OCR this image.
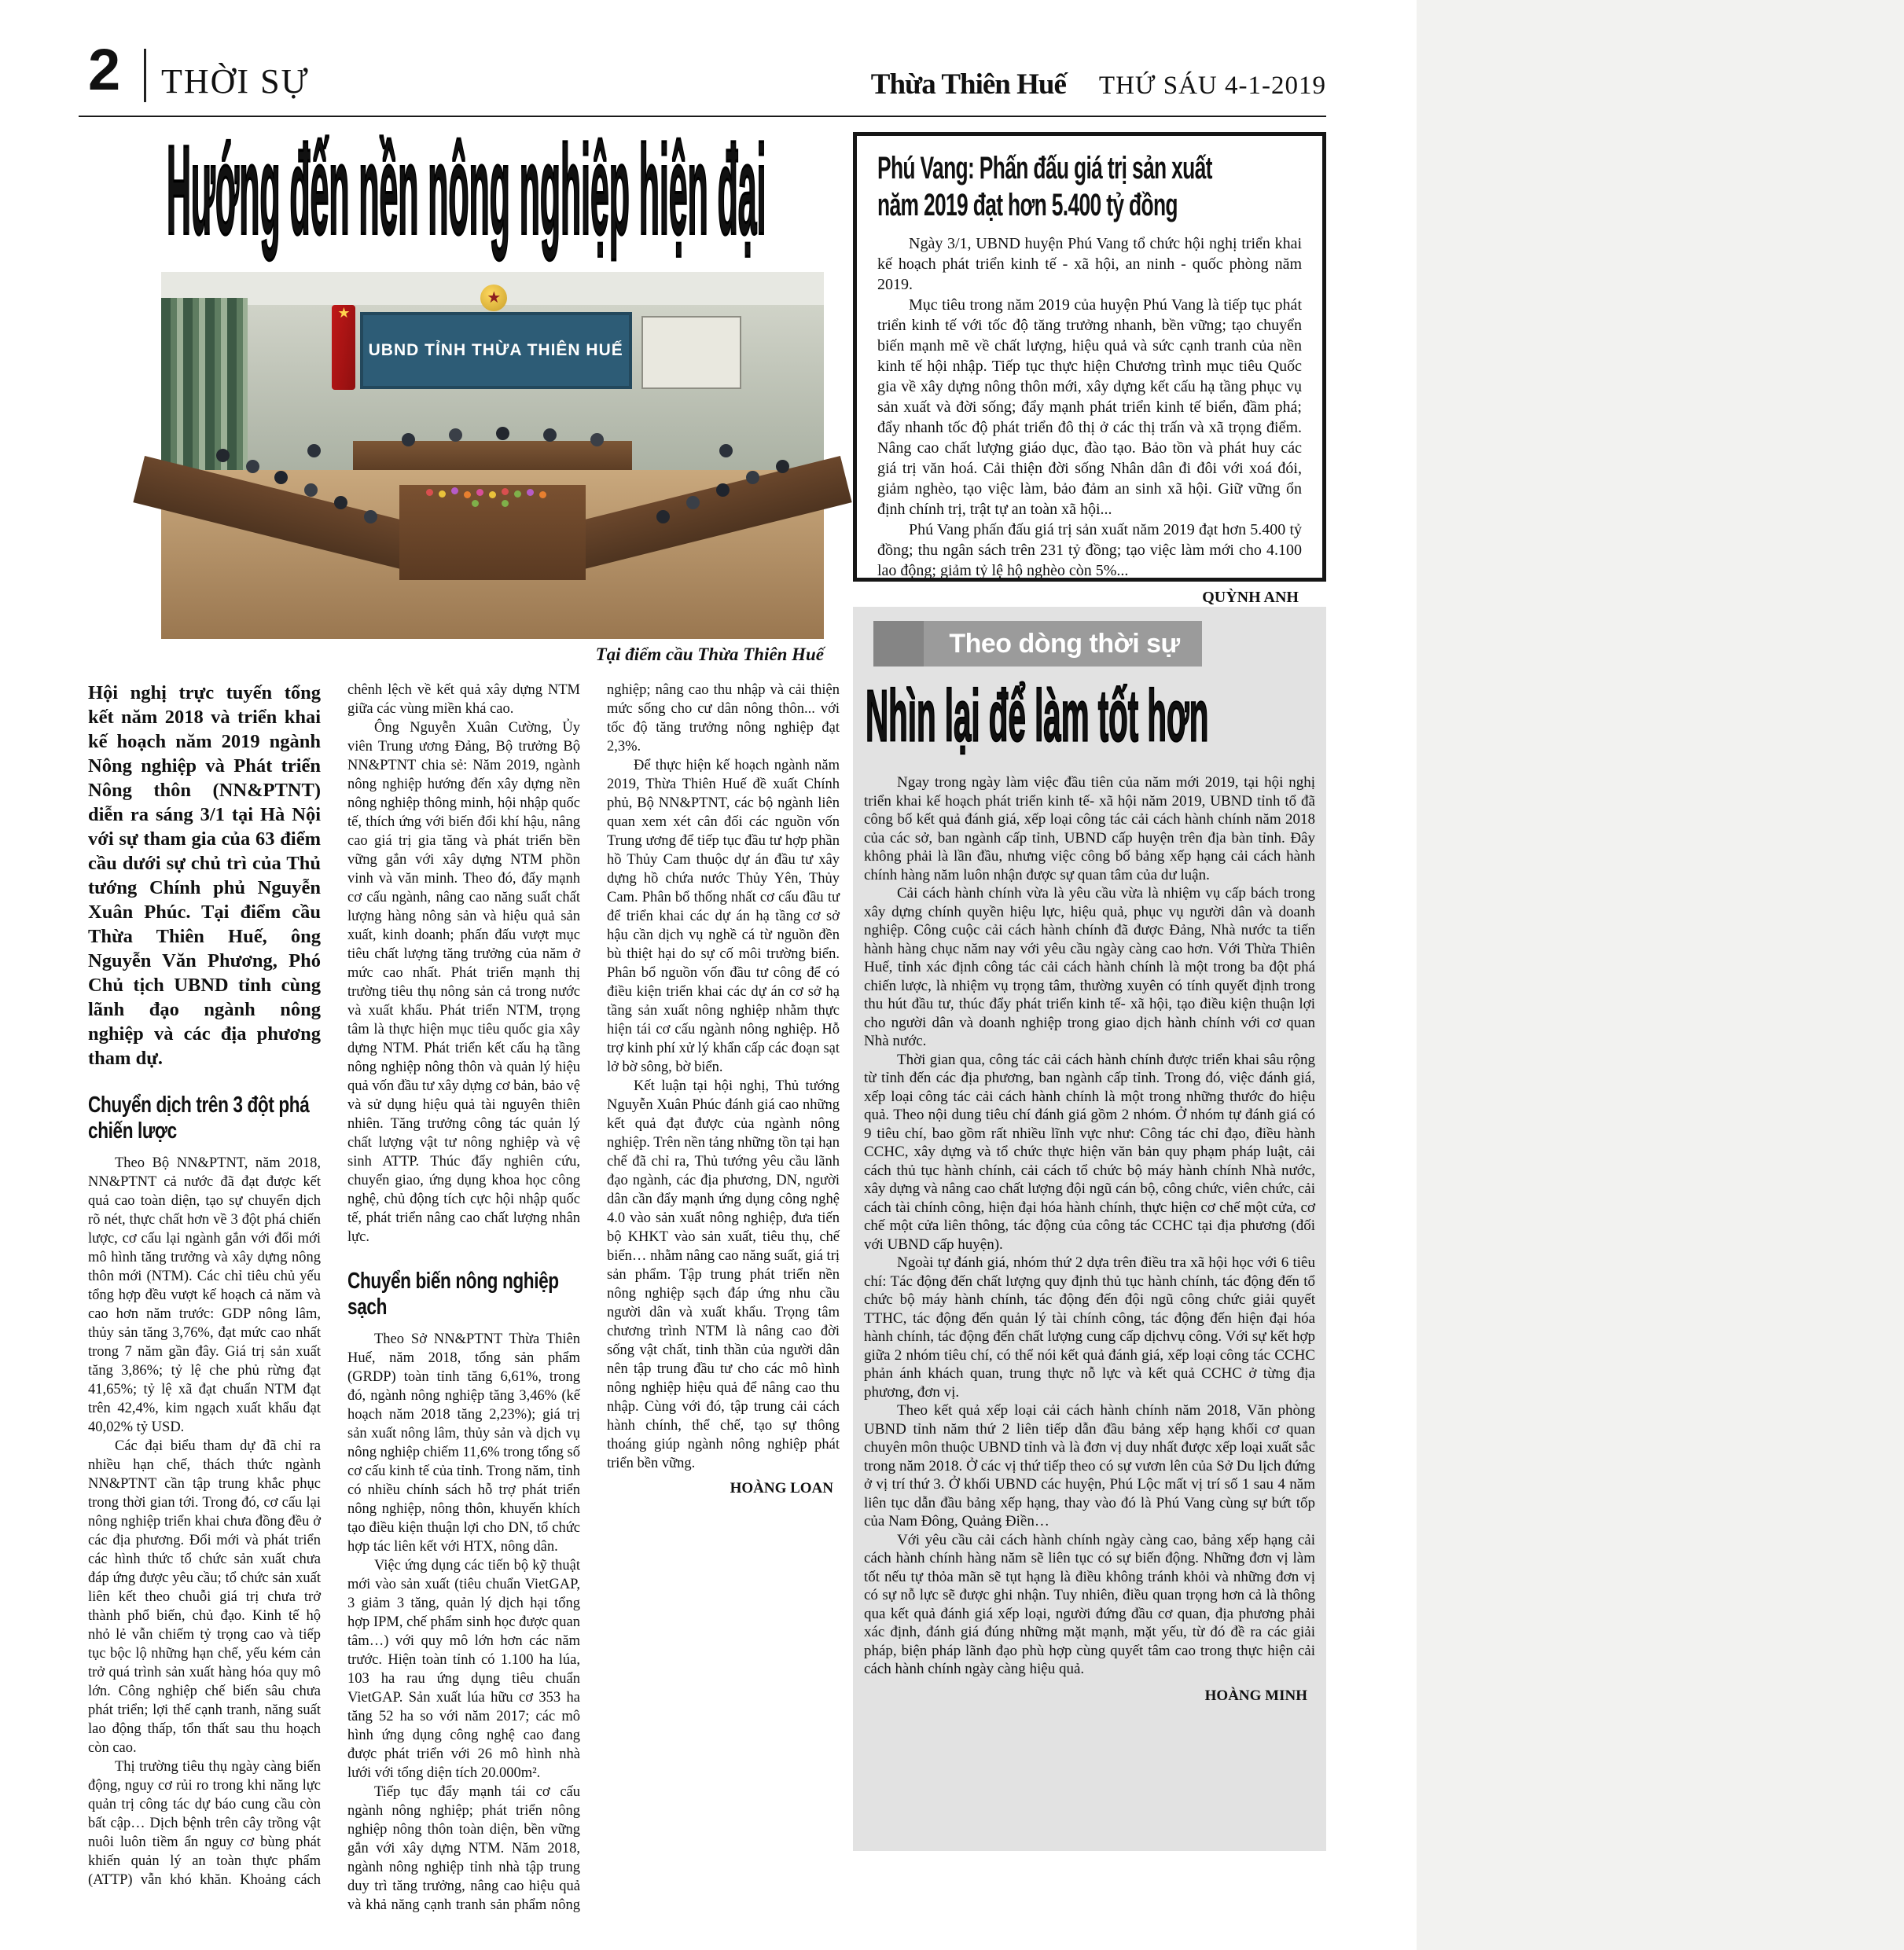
2 THỜI SỰ	Thừa Thiên Huế THỨ SÁU 4-1-2019
Hướng đến nền nông nghiệp hiện đại
UBND TỈNH THỪA THIÊN HUẾ
★
★
Tại điểm cầu Thừa Thiên Huế

Hội nghị trực tuyến tổng kết năm 2018 và triển khai kế hoạch năm 2019 ngành Nông nghiệp và Phát triển Nông thôn (NN&PTNT) diễn ra sáng 3/1 tại Hà Nội với sự tham gia của 63 điểm cầu dưới sự chủ trì của Thủ tướng Chính phủ Nguyễn Xuân Phúc. Tại điểm cầu Thừa Thiên Huế, ông Nguyễn Văn Phương, Phó Chủ tịch UBND tỉnh cùng lãnh đạo ngành nông nghiệp và các địa phương tham dự.

Chuyển dịch trên 3 đột phá chiến lược

Theo Bộ NN&PTNT, năm 2018, NN&PTNT cả nước đã đạt được kết quả cao toàn diện, tạo sự chuyển dịch rõ nét, thực chất hơn về 3 đột phá chiến lược, cơ cấu lại ngành gắn với đổi mới mô hình tăng trưởng và xây dựng nông thôn mới (NTM). Các chỉ tiêu chủ yếu tổng hợp đều vượt kế hoạch cả năm và cao hơn năm trước: GDP nông lâm, thủy sản tăng 3,76%, đạt mức cao nhất trong 7 năm gần đây. Giá trị sản xuất tăng 3,86%; tỷ lệ che phủ rừng đạt 41,65%; tỷ lệ xã đạt chuẩn NTM đạt trên 42,4%, kim ngạch xuất khẩu đạt 40,02% tỷ USD.

Các đại biểu tham dự đã chỉ ra nhiều hạn chế, thách thức ngành NN&PTNT cần tập trung khắc phục trong thời gian tới. Trong đó, cơ cấu lại nông nghiệp triển khai chưa đồng đều ở các địa phương. Đổi mới và phát triển các hình thức tổ chức sản xuất chưa đáp ứng được yêu cầu; tổ chức sản xuất liên kết theo chuỗi giá trị chưa trở thành phổ biến, chủ đạo. Kinh tế hộ nhỏ lẻ vẫn chiếm tỷ trọng cao và tiếp tục bộc lộ những hạn chế, yếu kém cản trở quá trình sản xuất hàng hóa quy mô lớn. Công nghiệp chế biến sâu chưa phát triển; lợi thế cạnh tranh, năng suất lao động thấp, tổn thất sau thu hoạch còn cao.

Thị trường tiêu thụ ngày càng biến động, nguy cơ rủi ro trong khi năng lực quản trị công tác dự báo cung cầu còn bất cập… Dịch bệnh trên cây trồng vật nuôi luôn tiềm ẩn nguy cơ bùng phát khiến quản lý an toàn thực phẩm (ATTP) vẫn khó khăn. Khoảng cách chênh lệch về kết quả xây dựng NTM giữa các vùng miền khá cao.

Ông Nguyễn Xuân Cường, Ủy viên Trung ương Đảng, Bộ trưởng Bộ NN&PTNT chia sẻ: Năm 2019, ngành nông nghiệp hướng đến xây dựng nền nông nghiệp thông minh, hội nhập quốc tế, thích ứng với biến đổi khí hậu, nâng cao giá trị gia tăng và phát triển bền vững gắn với xây dựng NTM phồn vinh và văn minh. Theo đó, đẩy mạnh cơ cấu ngành, nâng cao năng suất chất lượng hàng nông sản và hiệu quả sản xuất, kinh doanh; phấn đấu vượt mục tiêu chất lượng tăng trưởng của năm ở mức cao nhất. Phát triển mạnh thị trường tiêu thụ nông sản cả trong nước và xuất khẩu. Phát triển NTM, trọng tâm là thực hiện mục tiêu quốc gia xây dựng NTM. Phát triển kết cấu hạ tầng nông nghiệp nông thôn và quản lý hiệu quả vốn đầu tư xây dựng cơ bản, bảo vệ và sử dụng hiệu quả tài nguyên thiên nhiên. Tăng trưởng công tác quản lý chất lượng vật tư nông nghiệp và vệ sinh ATTP. Thúc đẩy nghiên cứu, chuyển giao, ứng dụng khoa học công nghệ, chủ động tích cực hội nhập quốc tế, phát triển nâng cao chất lượng nhân lực.

Chuyển biến nông nghiệp sạch

Theo Sở NN&PTNT Thừa Thiên Huế, năm 2018, tổng sản phẩm (GRDP) toàn tỉnh tăng 6,61%, trong đó, ngành nông nghiệp tăng 3,46% (kế hoạch năm 2018 tăng 2,23%); giá trị sản xuất nông lâm, thủy sản và dịch vụ nông nghiệp chiếm 11,6% trong tổng số cơ cấu kinh tế của tỉnh. Trong năm, tỉnh có nhiều chính sách hỗ trợ phát triển nông nghiệp, nông thôn, khuyến khích tạo điều kiện thuận lợi cho DN, tổ chức hợp tác liên kết với HTX, nông dân.

Việc ứng dụng các tiến bộ kỹ thuật mới vào sản xuất (tiêu chuẩn VietGAP, 3 giảm 3 tăng, quản lý dịch hại tổng hợp IPM, chế phẩm sinh học được quan tâm…) với quy mô lớn hơn các năm trước. Hiện toàn tỉnh có 1.100 ha lúa, 103 ha rau ứng dụng tiêu chuẩn VietGAP. Sản xuất lúa hữu cơ 353 ha tăng 52 ha so với năm 2017; các mô hình ứng dụng công nghệ cao đang được phát triển với 26 mô hình nhà lưới với tổng diện tích 20.000m².

Tiếp tục đẩy mạnh tái cơ cấu ngành nông nghiệp; phát triển nông nghiệp nông thôn toàn diện, bền vững gắn với xây dựng NTM. Năm 2018, ngành nông nghiệp tỉnh nhà tập trung duy trì tăng trưởng, nâng cao hiệu quả và khả năng cạnh tranh sản phẩm nông nghiệp; nâng cao thu nhập và cải thiện mức sống cho cư dân nông thôn... với tốc độ tăng trưởng nông nghiệp đạt 2,3%.

Để thực hiện kế hoạch ngành năm 2019, Thừa Thiên Huế đề xuất Chính phủ, Bộ NN&PTNT, các bộ ngành liên quan xem xét cân đối các nguồn vốn Trung ương để tiếp tục đầu tư hợp phần hồ Thủy Cam thuộc dự án đầu tư xây dựng hồ chứa nước Thủy Yên, Thủy Cam. Phân bổ thống nhất cơ cấu đầu tư để triển khai các dự án hạ tầng cơ sở hậu cần dịch vụ nghề cá từ nguồn đền bù thiệt hại do sự cố môi trường biển. Phân bổ nguồn vốn đầu tư công để có điều kiện triển khai các dự án cơ sở hạ tầng sản xuất nông nghiệp nhằm thực hiện tái cơ cấu ngành nông nghiệp. Hỗ trợ kinh phí xử lý khẩn cấp các đoạn sạt lở bờ sông, bờ biển.

Kết luận tại hội nghị, Thủ tướng Nguyễn Xuân Phúc đánh giá cao những kết quả đạt được của ngành nông nghiệp. Trên nền tảng những tồn tại hạn chế đã chỉ ra, Thủ tướng yêu cầu lãnh đạo ngành, các địa phương, DN, người dân cần đẩy mạnh ứng dụng công nghệ 4.0 vào sản xuất nông nghiệp, đưa tiến bộ KHKT vào sản xuất, tiêu thụ, chế biến… nhằm nâng cao năng suất, giá trị sản phẩm. Tập trung phát triển nền nông nghiệp sạch đáp ứng nhu cầu người dân và xuất khẩu. Trọng tâm chương trình NTM là nâng cao đời sống vật chất, tinh thần của người dân nên tập trung đầu tư cho các mô hình nông nghiệp hiệu quả để nâng cao thu nhập. Cùng với đó, tập trung cải cách hành chính, thể chế, tạo sự thông thoáng giúp ngành nông nghiệp phát triển bền vững.

HOÀNG LOAN

Phú Vang: Phấn đấu giá trị sản xuất
năm 2019 đạt hơn 5.400 tỷ đồng

Ngày 3/1, UBND huyện Phú Vang tổ chức hội nghị triển khai kế hoạch phát triển kinh tế - xã hội, an ninh - quốc phòng năm 2019.

Mục tiêu trong năm 2019 của huyện Phú Vang là tiếp tục phát triển kinh tế với tốc độ tăng trưởng nhanh, bền vững; tạo chuyển biến mạnh mẽ về chất lượng, hiệu quả và sức cạnh tranh của nền kinh tế hội nhập. Tiếp tục thực hiện Chương trình mục tiêu Quốc gia về xây dựng nông thôn mới, xây dựng kết cấu hạ tầng phục vụ sản xuất và đời sống; đẩy mạnh phát triển kinh tế biển, đầm phá; đẩy nhanh tốc độ phát triển đô thị ở các thị trấn và xã trọng điểm. Nâng cao chất lượng giáo dục, đào tạo. Bảo tồn và phát huy các giá trị văn hoá. Cải thiện đời sống Nhân dân đi đôi với xoá đói, giảm nghèo, tạo việc làm, bảo đảm an sinh xã hội. Giữ vững ổn định chính trị, trật tự an toàn xã hội...

Phú Vang phấn đấu giá trị sản xuất năm 2019 đạt hơn 5.400 tỷ đồng; thu ngân sách trên 231 tỷ đồng; tạo việc làm mới cho 4.100 lao động; giảm tỷ lệ hộ nghèo còn 5%...

QUỲNH ANH
Theo dòng thời sự
Nhìn lại để làm tốt hơn

Ngay trong ngày làm việc đầu tiên của năm mới 2019, tại hội nghị triển khai kế hoạch phát triển kinh tế- xã hội năm 2019, UBND tỉnh tổ đã công bố kết quả đánh giá, xếp loại công tác cải cách hành chính năm 2018 của các sở, ban ngành cấp tỉnh, UBND cấp huyện trên địa bàn tỉnh. Đây không phải là lần đầu, nhưng việc công bố bảng xếp hạng cải cách hành chính hàng năm luôn nhận được sự quan tâm của dư luận.

Cải cách hành chính vừa là yêu cầu vừa là nhiệm vụ cấp bách trong xây dựng chính quyền hiệu lực, hiệu quả, phục vụ người dân và doanh nghiệp. Công cuộc cải cách hành chính đã được Đảng, Nhà nước ta tiến hành hàng chục năm nay với yêu cầu ngày càng cao hơn. Với Thừa Thiên Huế, tỉnh xác định công tác cải cách hành chính là một trong ba đột phá chiến lược, là nhiệm vụ trọng tâm, thường xuyên có tính quyết định trong thu hút đầu tư, thúc đẩy phát triển kinh tế- xã hội, tạo điều kiện thuận lợi cho người dân và doanh nghiệp trong giao dịch hành chính với cơ quan Nhà nước.

Thời gian qua, công tác cải cách hành chính được triển khai sâu rộng từ tỉnh đến các địa phương, ban ngành cấp tỉnh. Trong đó, việc đánh giá, xếp loại công tác cải cách hành chính là một trong những thước đo hiệu quả. Theo nội dung tiêu chí đánh giá gồm 2 nhóm. Ở nhóm tự đánh giá có 9 tiêu chí, bao gồm rất nhiều lĩnh vực như: Công tác chỉ đạo, điều hành CCHC, xây dựng và tổ chức thực hiện văn bản quy phạm pháp luật, cải cách thủ tục hành chính, cải cách tổ chức bộ máy hành chính Nhà nước, xây dựng và nâng cao chất lượng đội ngũ cán bộ, công chức, viên chức, cải cách tài chính công, hiện đại hóa hành chính, thực hiện cơ chế một cửa, cơ chế một cửa liên thông, tác động của công tác CCHC tại địa phương (đối với UBND cấp huyện).

Ngoài tự đánh giá, nhóm thứ 2 dựa trên điều tra xã hội học với 6 tiêu chí: Tác động đến chất lượng quy định thủ tục hành chính, tác động đến tổ chức bộ máy hành chính, tác động đến đội ngũ công chức giải quyết TTHC, tác động đến quản lý tài chính công, tác động đến hiện đại hóa hành chính, tác động đến chất lượng cung cấp dịchvụ công. Với sự kết hợp giữa 2 nhóm tiêu chí, có thể nói kết quả đánh giá, xếp loại công tác CCHC phản ánh khách quan, trung thực nỗ lực và kết quả CCHC ở từng địa phương, đơn vị.

Theo kết quả xếp loại cải cách hành chính năm 2018, Văn phòng UBND tỉnh năm thứ 2 liên tiếp dẫn đầu bảng xếp hạng khối cơ quan chuyên môn thuộc UBND tỉnh và là đơn vị duy nhất được xếp loại xuất sắc trong năm 2018. Ở các vị thứ tiếp theo có sự vươn lên của Sở Du lịch đứng ở vị trí thứ 3. Ở khối UBND các huyện, Phú Lộc mất vị trí số 1 sau 4 năm liên tục dẫn đầu bảng xếp hạng, thay vào đó là Phú Vang cùng sự bứt tốp của Nam Đông, Quảng Điền…

Với yêu cầu cải cách hành chính ngày càng cao, bảng xếp hạng cải cách hành chính hàng năm sẽ liên tục có sự biến động. Những đơn vị làm tốt nếu tự thỏa mãn sẽ tụt hạng là điều không tránh khỏi và những đơn vị có sự nỗ lực sẽ được ghi nhận. Tuy nhiên, điều quan trọng hơn cả là thông qua kết quả đánh giá xếp loại, người đứng đầu cơ quan, địa phương phải xác định, đánh giá đúng những mặt mạnh, mặt yếu, từ đó đề ra các giải pháp, biện pháp lãnh đạo phù hợp cùng quyết tâm cao trong thực hiện cải cách hành chính ngày càng hiệu quả.

HOÀNG MINH
